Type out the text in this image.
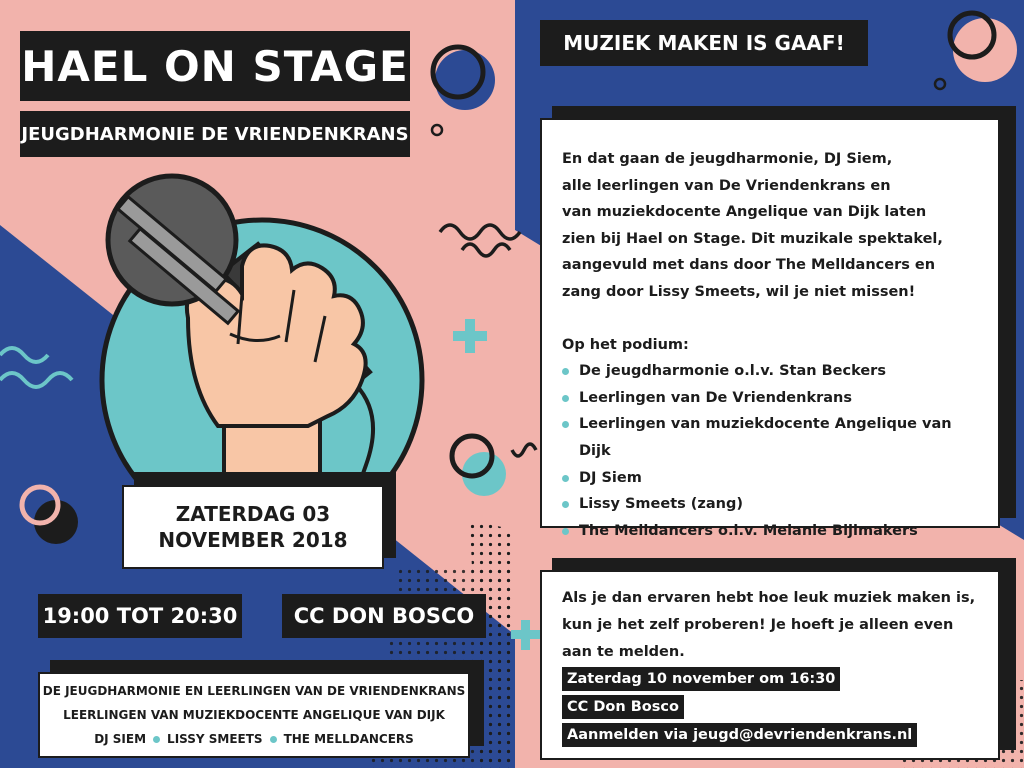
HAEL ON STAGE
JEUGDHARMONIE DE VRIENDENKRANS
MUZIEK MAKEN IS GAAF!
ZATERDAG 03
NOVEMBER 2018
19:00 TOT 20:30	CC DON BOSCO
DE JEUGDHARMONIE EN LEERLINGEN VAN DE VRIENDENKRANS
LEERLINGEN VAN MUZIEKDOCENTE ANGELIQUE VAN DIJK
DJ SIEM LISSY SMEETS THE MELLDANCERS

En dat gaan de jeugdharmonie, DJ Siem,

alle leerlingen van De Vriendenkrans en

van muziekdocente Angelique van Dijk laten

zien bij Hael on Stage. Dit muzikale spektakel,

aangevuld met dans door The Melldancers en

zang door Lissy Smeets, wil je niet missen!

Op het podium:

De jeugdharmonie o.l.v. Stan Beckers
Leerlingen van De Vriendenkrans
Leerlingen van muziekdocente Angelique van Dijk
DJ Siem
Lissy Smeets (zang)
The Melldancers o.l.v. Melanie Bijlmakers

Als je dan ervaren hebt hoe leuk muziek maken is,

kun je het zelf proberen! Je hoeft je alleen even

aan te melden.

Zaterdag 10 november om 16:30
CC Don Bosco
Aanmelden via jeugd@devriendenkrans.nl
